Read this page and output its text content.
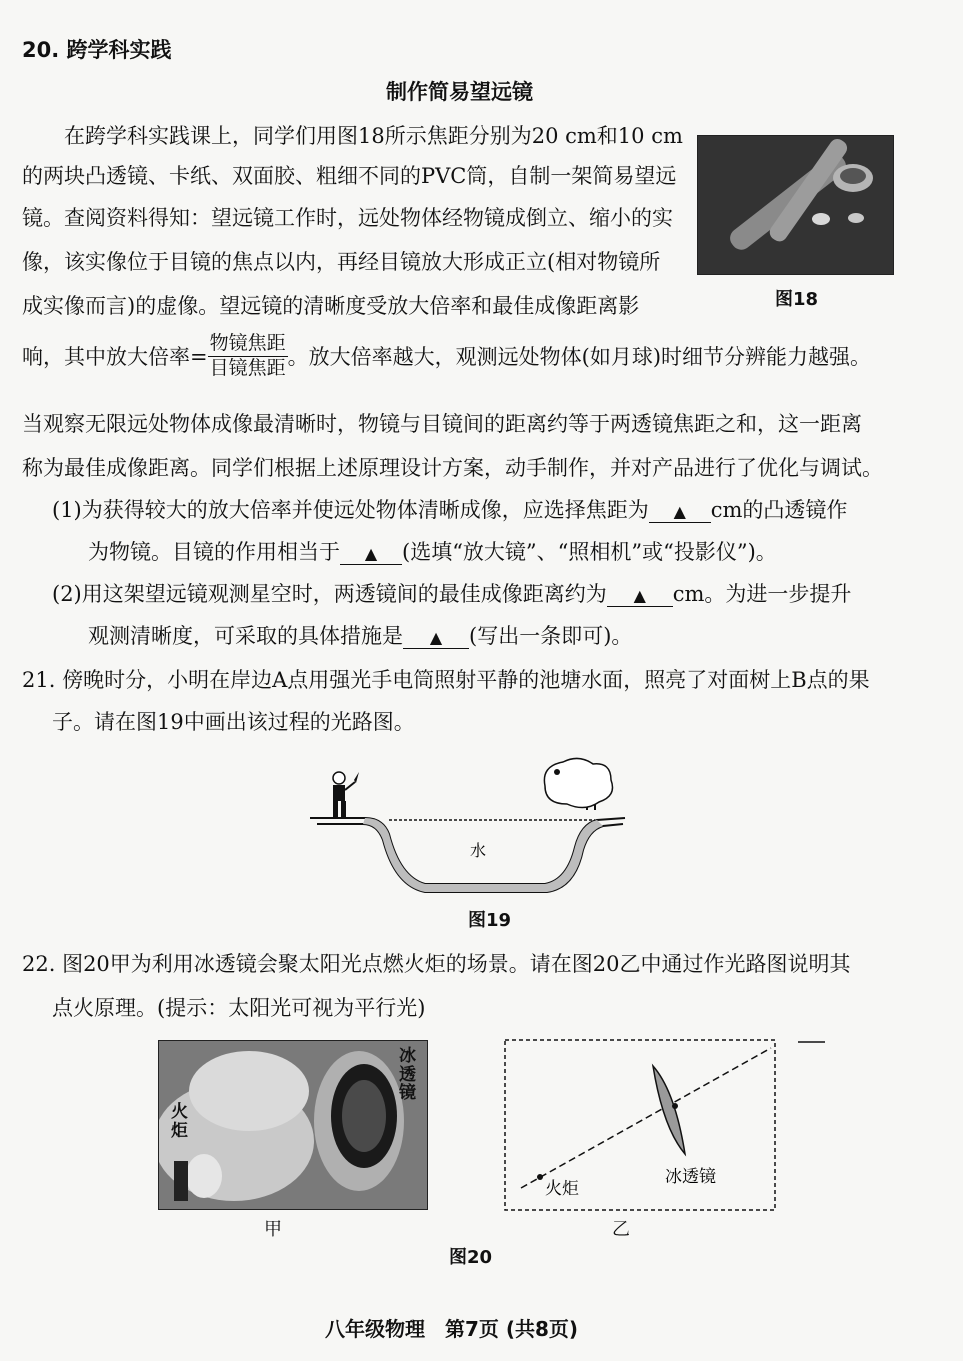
20. 跨学科实践
制作简易望远镜
在跨学科实践课上，同学们用图18所示焦距分别为20 cm和10 cm
的两块凸透镜、卡纸、双面胶、粗细不同的PVC筒，自制一架简易望远
镜。查阅资料得知：望远镜工作时，远处物体经物镜成倒立、缩小的实
像，该实像位于目镜的焦点以内，再经目镜放大形成正立(相对物镜所
成实像而言)的虚像。望远镜的清晰度受放大倍率和最佳成像距离影	图18
响，其中放大倍率= $\frac{\text{物镜焦距}}{\text{目镜焦距}}$ 。放大倍率越大，观测远处物体(如月球)时细节分辨能力越强。
当观察无限远处物体成像最清晰时，物镜与目镜间的距离约等于两透镜焦距之和，这一距离
称为最佳成像距离。同学们根据上述原理设计方案，动手制作，并对产品进行了优化与调试。
(1)为获得较大的放大倍率并使远处物体清晰成像，应选择焦距为 ▲ cm的凸透镜作
为物镜。目镜的作用相当于 ▲ (选填“放大镜”、“照相机”或“投影仪”)。
(2)用这架望远镜观测星空时，两透镜间的最佳成像距离约为 ▲ cm。为进一步提升
观测清晰度，可采取的具体措施是 ▲ (写出一条即可)。
21. 傍晚时分，小明在岸边A点用强光手电筒照射平静的池塘水面，照亮了对面树上B点的果
子。请在图19中画出该过程的光路图。
水
图19
22. 图20甲为利用冰透镜会聚太阳光点燃火炬的场景。请在图20乙中通过作光路图说明其
点火原理。(提示：太阳光可视为平行光)
冰透镜
火炬
甲
火炬
冰透镜
乙
图20
八年级物理　第7页 (共8页)
